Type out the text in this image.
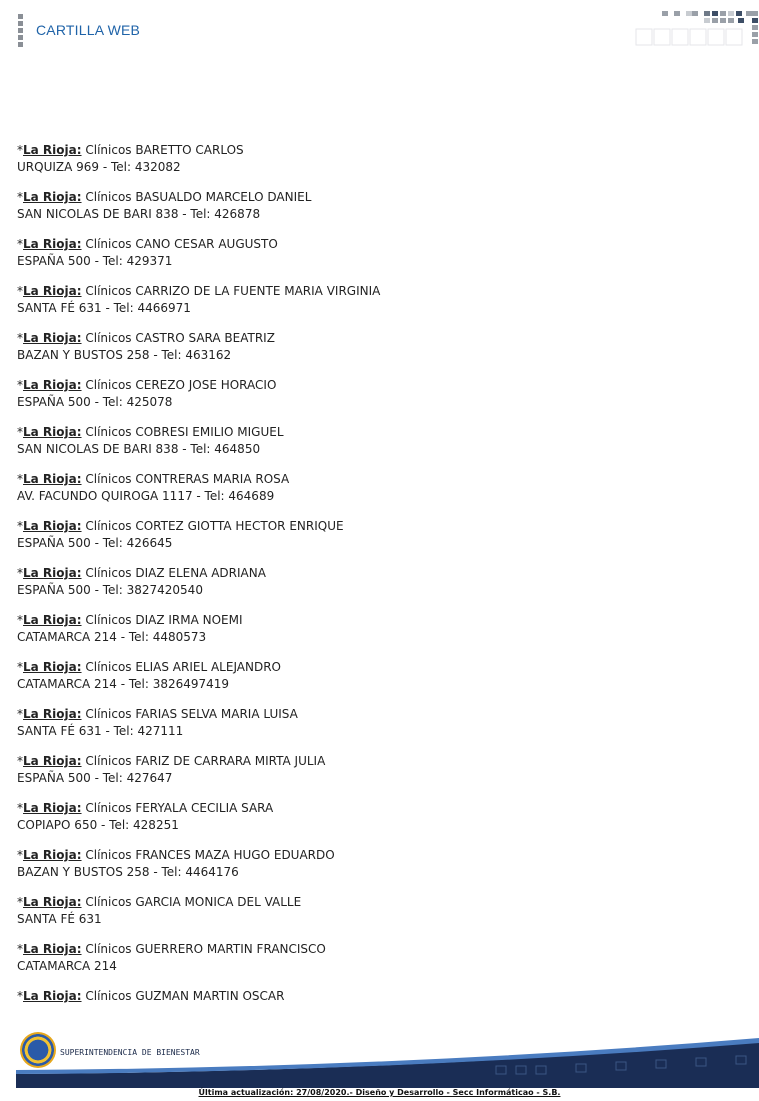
CARTILLA WEB
*La Rioja: Clínicos BARETTO CARLOS
URQUIZA 969 - Tel: 432082
*La Rioja: Clínicos BASUALDO MARCELO DANIEL
SAN NICOLAS DE BARI 838 - Tel: 426878
*La Rioja: Clínicos CANO CESAR AUGUSTO
ESPAÑA 500 - Tel: 429371
*La Rioja: Clínicos CARRIZO DE LA FUENTE MARIA VIRGINIA
SANTA FÉ 631 - Tel: 4466971
*La Rioja: Clínicos CASTRO SARA BEATRIZ
BAZAN Y BUSTOS 258 - Tel: 463162
*La Rioja: Clínicos CEREZO JOSE HORACIO
ESPAÑA 500 - Tel: 425078
*La Rioja: Clínicos COBRESI EMILIO MIGUEL
SAN NICOLAS DE BARI 838 - Tel: 464850
*La Rioja: Clínicos CONTRERAS MARIA ROSA
AV. FACUNDO QUIROGA 1117 - Tel: 464689
*La Rioja: Clínicos CORTEZ GIOTTA HECTOR ENRIQUE
ESPAÑA 500 - Tel: 426645
*La Rioja: Clínicos DIAZ ELENA ADRIANA
ESPAÑA 500 - Tel: 3827420540
*La Rioja: Clínicos DIAZ IRMA NOEMI
CATAMARCA 214 - Tel: 4480573
*La Rioja: Clínicos ELIAS ARIEL ALEJANDRO
CATAMARCA 214 - Tel: 3826497419
*La Rioja: Clínicos FARIAS SELVA MARIA LUISA
SANTA FÉ 631 - Tel: 427111
*La Rioja: Clínicos FARIZ DE CARRARA MIRTA JULIA
ESPAÑA 500 - Tel: 427647
*La Rioja: Clínicos FERYALA CECILIA SARA
COPIAPO 650 - Tel: 428251
*La Rioja: Clínicos FRANCES MAZA HUGO EDUARDO
BAZAN Y BUSTOS 258 - Tel: 4464176
*La Rioja: Clínicos GARCIA MONICA DEL VALLE
SANTA FÉ 631
*La Rioja: Clínicos GUERRERO MARTIN FRANCISCO
CATAMARCA 214
*La Rioja: Clínicos GUZMAN MARTIN OSCAR
SUPERINTENDENCIA DE BIENESTAR
Última actualización: 27/08/2020.- Diseño y Desarrollo - Secc Informáticao - S.B.
